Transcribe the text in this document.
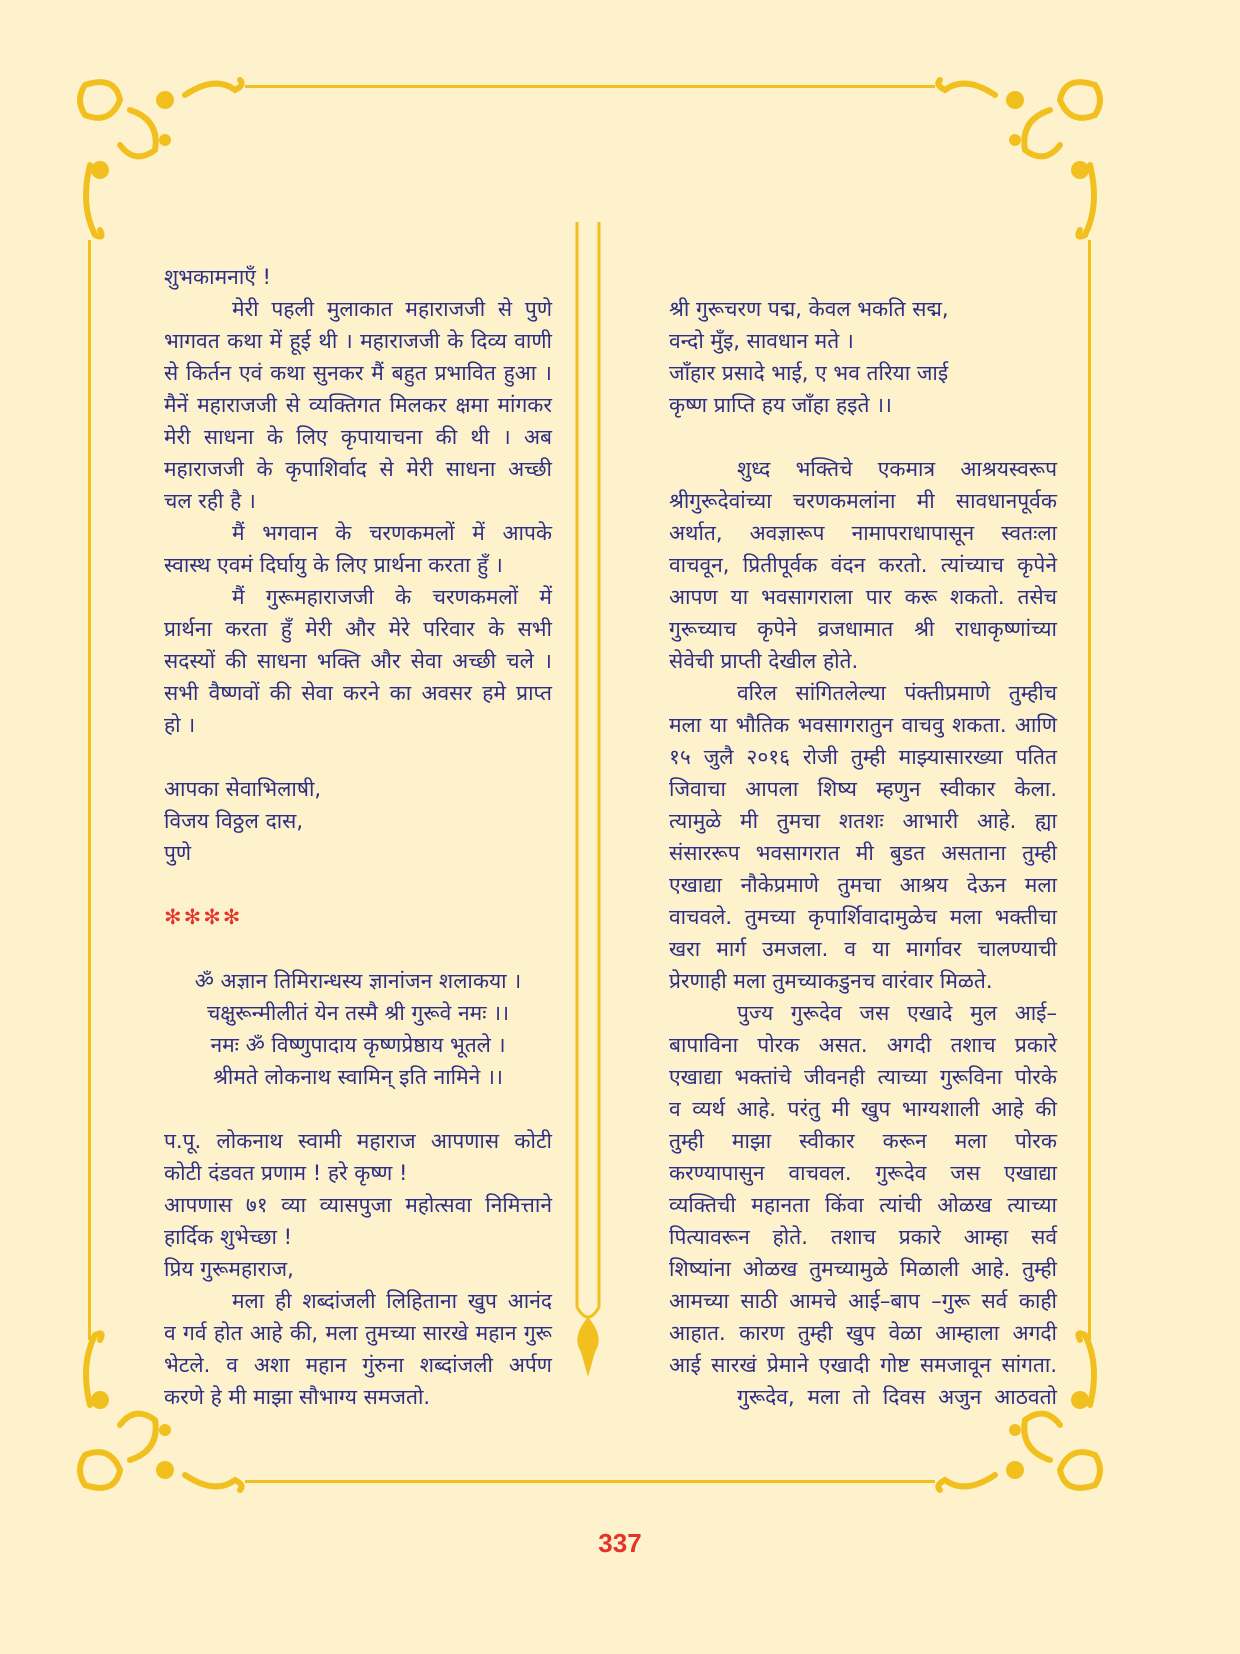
शुभकामनाएँ !
मेरी पहली मुलाकात महाराजजी से पुणे
भागवत कथा में हूई थी । महाराजजी के दिव्य वाणी
से किर्तन एवं कथा सुनकर मैं बहुत प्रभावित हुआ ।
मैनें महाराजजी से व्यक्तिगत मिलकर क्षमा मांगकर
मेरी साधना के लिए कृपायाचना की थी । अब
महाराजजी के कृपाशिर्वाद से मेरी साधना अच्छी
चल रही है ।
मैं भगवान के चरणकमलों में आपके
स्वास्थ एवमं दिर्घायु के लिए प्रार्थना करता हुँ ।
मैं गुरूमहाराजजी के चरणकमलों में
प्रार्थना करता हुँ मेरी और मेरे परिवार के सभी
सदस्यों की साधना भक्ति और सेवा अच्छी चले ।
सभी वैष्णवों की सेवा करने का अवसर हमे प्राप्त
हो ।
आपका सेवाभिलाषी,
विजय विठ्ठल दास,
पुणे
✻✻✻✻
ॐ अज्ञान तिमिरान्धस्य ज्ञानांजन शलाकया ।
चक्षुरून्मीलीतं येन तस्मै श्री गुरूवे नमः ।।
नमः ॐ विष्णुपादाय कृष्णप्रेष्ठाय भूतले ।
श्रीमते लोकनाथ स्वामिन् इति नामिने ।।
प.पू. लोकनाथ स्वामी महाराज आपणास कोटी
कोटी दंडवत प्रणाम ! हरे कृष्ण !
आपणास ७१ व्या व्यासपुजा महोत्सवा निमित्ताने
हार्दिक शुभेच्छा !
प्रिय गुरूमहाराज,
मला ही शब्दांजली लिहिताना खुप आनंद
व गर्व होत आहे की, मला तुमच्या सारखे महान गुरू
भेटले. व अशा महान गुंरुना शब्दांजली अर्पण
करणे हे मी माझा सौभाग्य समजतो.
श्री गुरूचरण पद्म, केवल भकति सद्म,
वन्दो मुँइ, सावधान मते ।
जाँहार प्रसादे भाई, ए भव तरिया जाई
कृष्ण प्राप्ति हय जाँहा हइते ।।
शुध्द भक्तिचे एकमात्र आश्रयस्वरूप
श्रीगुरूदेवांच्या चरणकमलांना मी सावधानपूर्वक
अर्थात, अवज्ञारूप नामापराधापासून स्वतःला
वाचवून, प्रितीपूर्वक वंदन करतो. त्यांच्याच कृपेने
आपण या भवसागराला पार करू शकतो. तसेच
गुरूच्याच कृपेने व्रजधामात श्री राधाकृष्णांच्या
सेवेची प्राप्ती देखील होते.
वरिल सांगितलेल्या पंक्तीप्रमाणे तुम्हीच
मला या भौतिक भवसागरातुन वाचवु शकता. आणि
१५ जुलै २०१६ रोजी तुम्ही माझ्यासारख्या पतित
जिवाचा आपला शिष्य म्हणुन स्वीकार केला.
त्यामुळे मी तुमचा शतशः आभारी आहे. ह्या
संसाररूप भवसागरात मी बुडत असताना तुम्ही
एखाद्या नौकेप्रमाणे तुमचा आश्रय देऊन मला
वाचवले. तुमच्या कृपार्शिवादामुळेच मला भक्तीचा
खरा मार्ग उमजला. व या मार्गावर चालण्याची
प्रेरणाही मला तुमच्याकडुनच वारंवार मिळते.
पुज्य गुरूदेव जस एखादे मुल आई–
बापाविना पोरक असत. अगदी तशाच प्रकारे
एखाद्या भक्तांचे जीवनही त्याच्या गुरूविना पोरके
व व्यर्थ आहे. परंतु मी खुप भाग्यशाली आहे की
तुम्ही माझा स्वीकार करून मला पोरक
करण्यापासुन वाचवल. गुरूदेव जस एखाद्या
व्यक्तिची महानता किंवा त्यांची ओळख त्याच्या
पित्यावरून होते. तशाच प्रकारे आम्हा सर्व
शिष्यांना ओळख तुमच्यामुळे मिळाली आहे. तुम्ही
आमच्या साठी आमचे आई–बाप –गुरू सर्व काही
आहात. कारण तुम्ही खुप वेळा आम्हाला अगदी
आई सारखं प्रेमाने एखादी गोष्ट समजावून सांगता.
गुरूदेव, मला तो दिवस अजुन आठवतो
337
